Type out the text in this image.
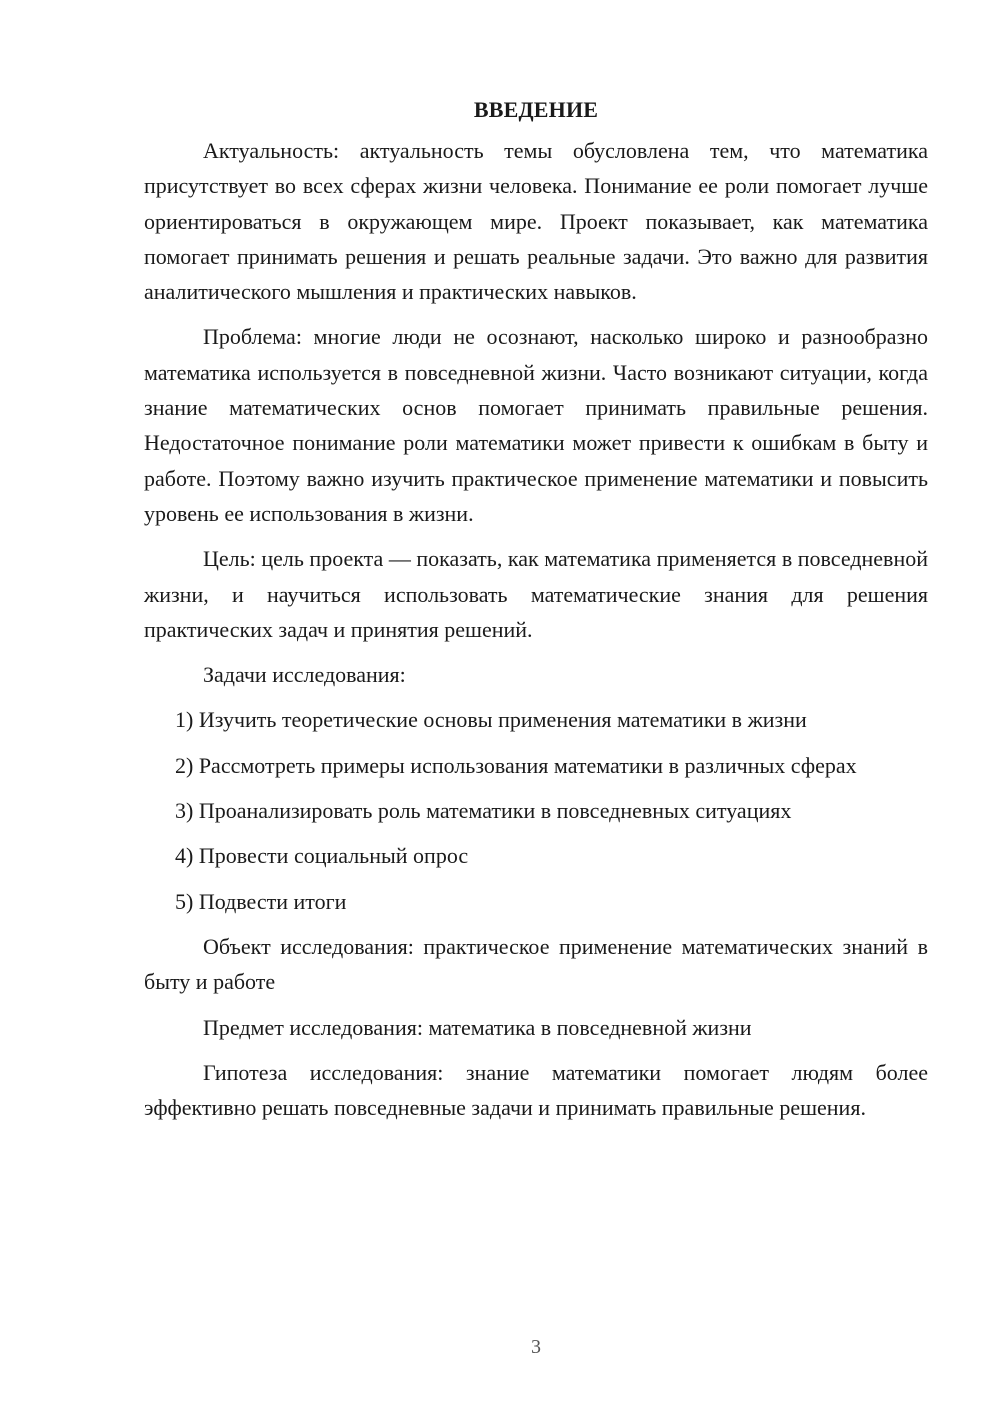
ВВЕДЕНИЕ

Актуальность: актуальность темы обусловлена тем, что математика присутствует во всех сферах жизни человека. Понимание ее роли помогает лучше ориентироваться в окружающем мире. Проект показывает, как математика помогает принимать решения и решать реальные задачи. Это важно для развития аналитического мышления и практических навыков.

Проблема: многие люди не осознают, насколько широко и разнообразно математика используется в повседневной жизни. Часто возникают ситуации, когда знание математических основ помогает принимать правильные решения. Недостаточное понимание роли математики может привести к ошибкам в быту и работе. Поэтому важно изучить практическое применение математики и повысить уровень ее использования в жизни.

Цель: цель проекта — показать, как математика применяется в повседневной жизни, и научиться использовать математические знания для решения практических задач и принятия решений.

Задачи исследования:

1) Изучить теоретические основы применения математики в жизни

2) Рассмотреть примеры использования математики в различных сферах

3) Проанализировать роль математики в повседневных ситуациях

4) Провести социальный опрос

5) Подвести итоги

Объект исследования: практическое применение математических знаний в быту и работе

Предмет исследования: математика в повседневной жизни

Гипотеза исследования: знание математики помогает людям более эффективно решать повседневные задачи и принимать правильные решения.

3
